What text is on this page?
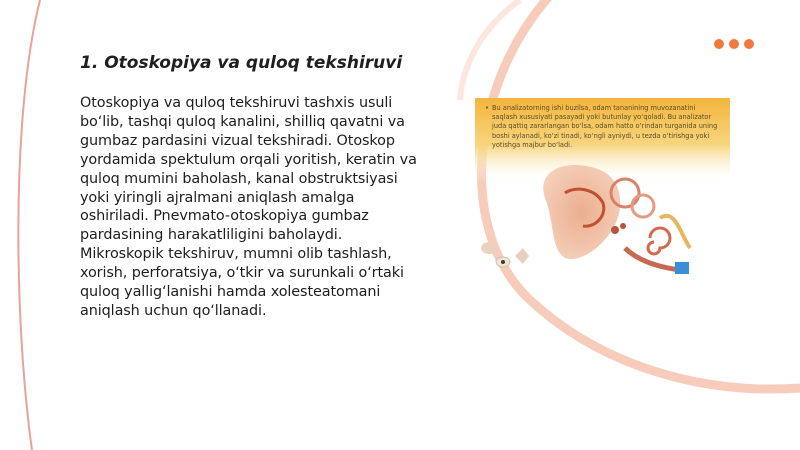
1. Otoskopiya va quloq tekshiruvi
Otoskopiya va quloq tekshiruvi tashxis usuli bo‘lib, tashqi quloq kanalini, shilliq qavatni va gumbaz pardasini vizual tekshiradi. Otoskop yordamida spektulum orqali yoritish, keratin va quloq mumini baholash, kanal obstruktsiyasi yoki yiringli ajralmani aniqlash amalga oshiriladi. Pnevmato-otoskopiya gumbaz pardasining harakatliligini baholaydi. Mikroskopik tekshiruv, mumni olib tashlash, xorish, perforatsiya, o‘tkir va surunkali o‘rtaki quloq yallig‘lanishi hamda xolesteatomani aniqlash uchun qo‘llanadi.
• Bu analizatorning ishi buzilsa, odam tananining muvozanatini saqlash xususiyati pasayadi yoki butunlay yo‘qoladi. Bu analizator juda qattiq zararlangan bo‘lsa, odam hatto o‘rindan turganida uning boshi aylanadi, ko‘zi tinadi, ko‘ngli ayniydi, u tezda o‘tirishga yoki yotishga majbur bo‘ladi.
